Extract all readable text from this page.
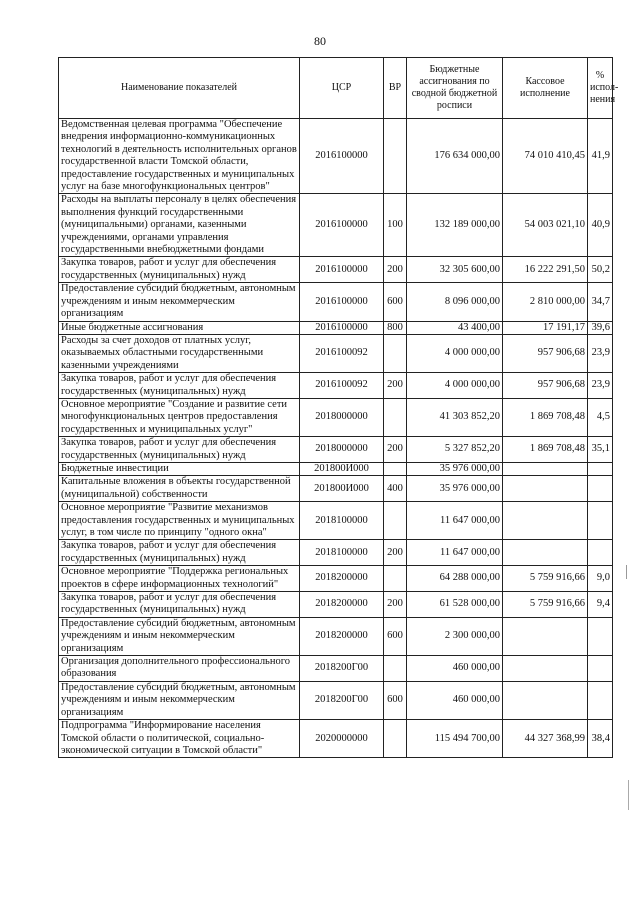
80
Наименование показателей	ЦСР	ВР	Бюджетные ассигнования по сводной бюджетной росписи	Кассовое исполнение	% испол-нения
Ведомственная целевая программа "Обеспечение внедрения информационно-коммуникационных технологий в деятельность исполнительных органов государственной власти Томской области, предоставление государственных и муниципальных услуг на базе многофункциональных центров"	2016100000		176 634 000,00	74 010 410,45	41,9
Расходы на выплаты персоналу в целях обеспечения выполнения функций государственными (муниципальными) органами, казенными учреждениями, органами управления государственными внебюджетными фондами	2016100000	100	132 189 000,00	54 003 021,10	40,9
Закупка товаров, работ и услуг для обеспечения государственных (муниципальных) нужд	2016100000	200	32 305 600,00	16 222 291,50	50,2
Предоставление субсидий бюджетным, автономным учреждениям и иным некоммерческим организациям	2016100000	600	8 096 000,00	2 810 000,00	34,7
Иные бюджетные ассигнования	2016100000	800	43 400,00	17 191,17	39,6
Расходы за счет доходов от платных услуг, оказываемых областными государственными казенными учреждениями	2016100092		4 000 000,00	957 906,68	23,9
Закупка товаров, работ и услуг для обеспечения государственных (муниципальных) нужд	2016100092	200	4 000 000,00	957 906,68	23,9
Основное мероприятие "Создание и развитие сети многофункциональных центров предоставления государственных и муниципальных услуг"	2018000000		41 303 852,20	1 869 708,48	4,5
Закупка товаров, работ и услуг для обеспечения государственных (муниципальных) нужд	2018000000	200	5 327 852,20	1 869 708,48	35,1
Бюджетные инвестиции	201800И000		35 976 000,00		
Капитальные вложения в объекты государственной (муниципальной) собственности	201800И000	400	35 976 000,00		
Основное мероприятие "Развитие механизмов предоставления государственных и муниципальных услуг, в том числе по принципу "одного окна"	2018100000		11 647 000,00		
Закупка товаров, работ и услуг для обеспечения государственных (муниципальных) нужд	2018100000	200	11 647 000,00		
Основное мероприятие "Поддержка региональных проектов в сфере информационных технологий"	2018200000		64 288 000,00	5 759 916,66	9,0
Закупка товаров, работ и услуг для обеспечения государственных (муниципальных) нужд	2018200000	200	61 528 000,00	5 759 916,66	9,4
Предоставление субсидий бюджетным, автономным учреждениям и иным некоммерческим организациям	2018200000	600	2 300 000,00		
Организация дополнительного профессионального образования	2018200Г00		460 000,00		
Предоставление субсидий бюджетным, автономным учреждениям и иным некоммерческим организациям	2018200Г00	600	460 000,00		
Подпрограмма "Информирование населения Томской области о политической, социально-экономической ситуации в Томской области"	2020000000		115 494 700,00	44 327 368,99	38,4
